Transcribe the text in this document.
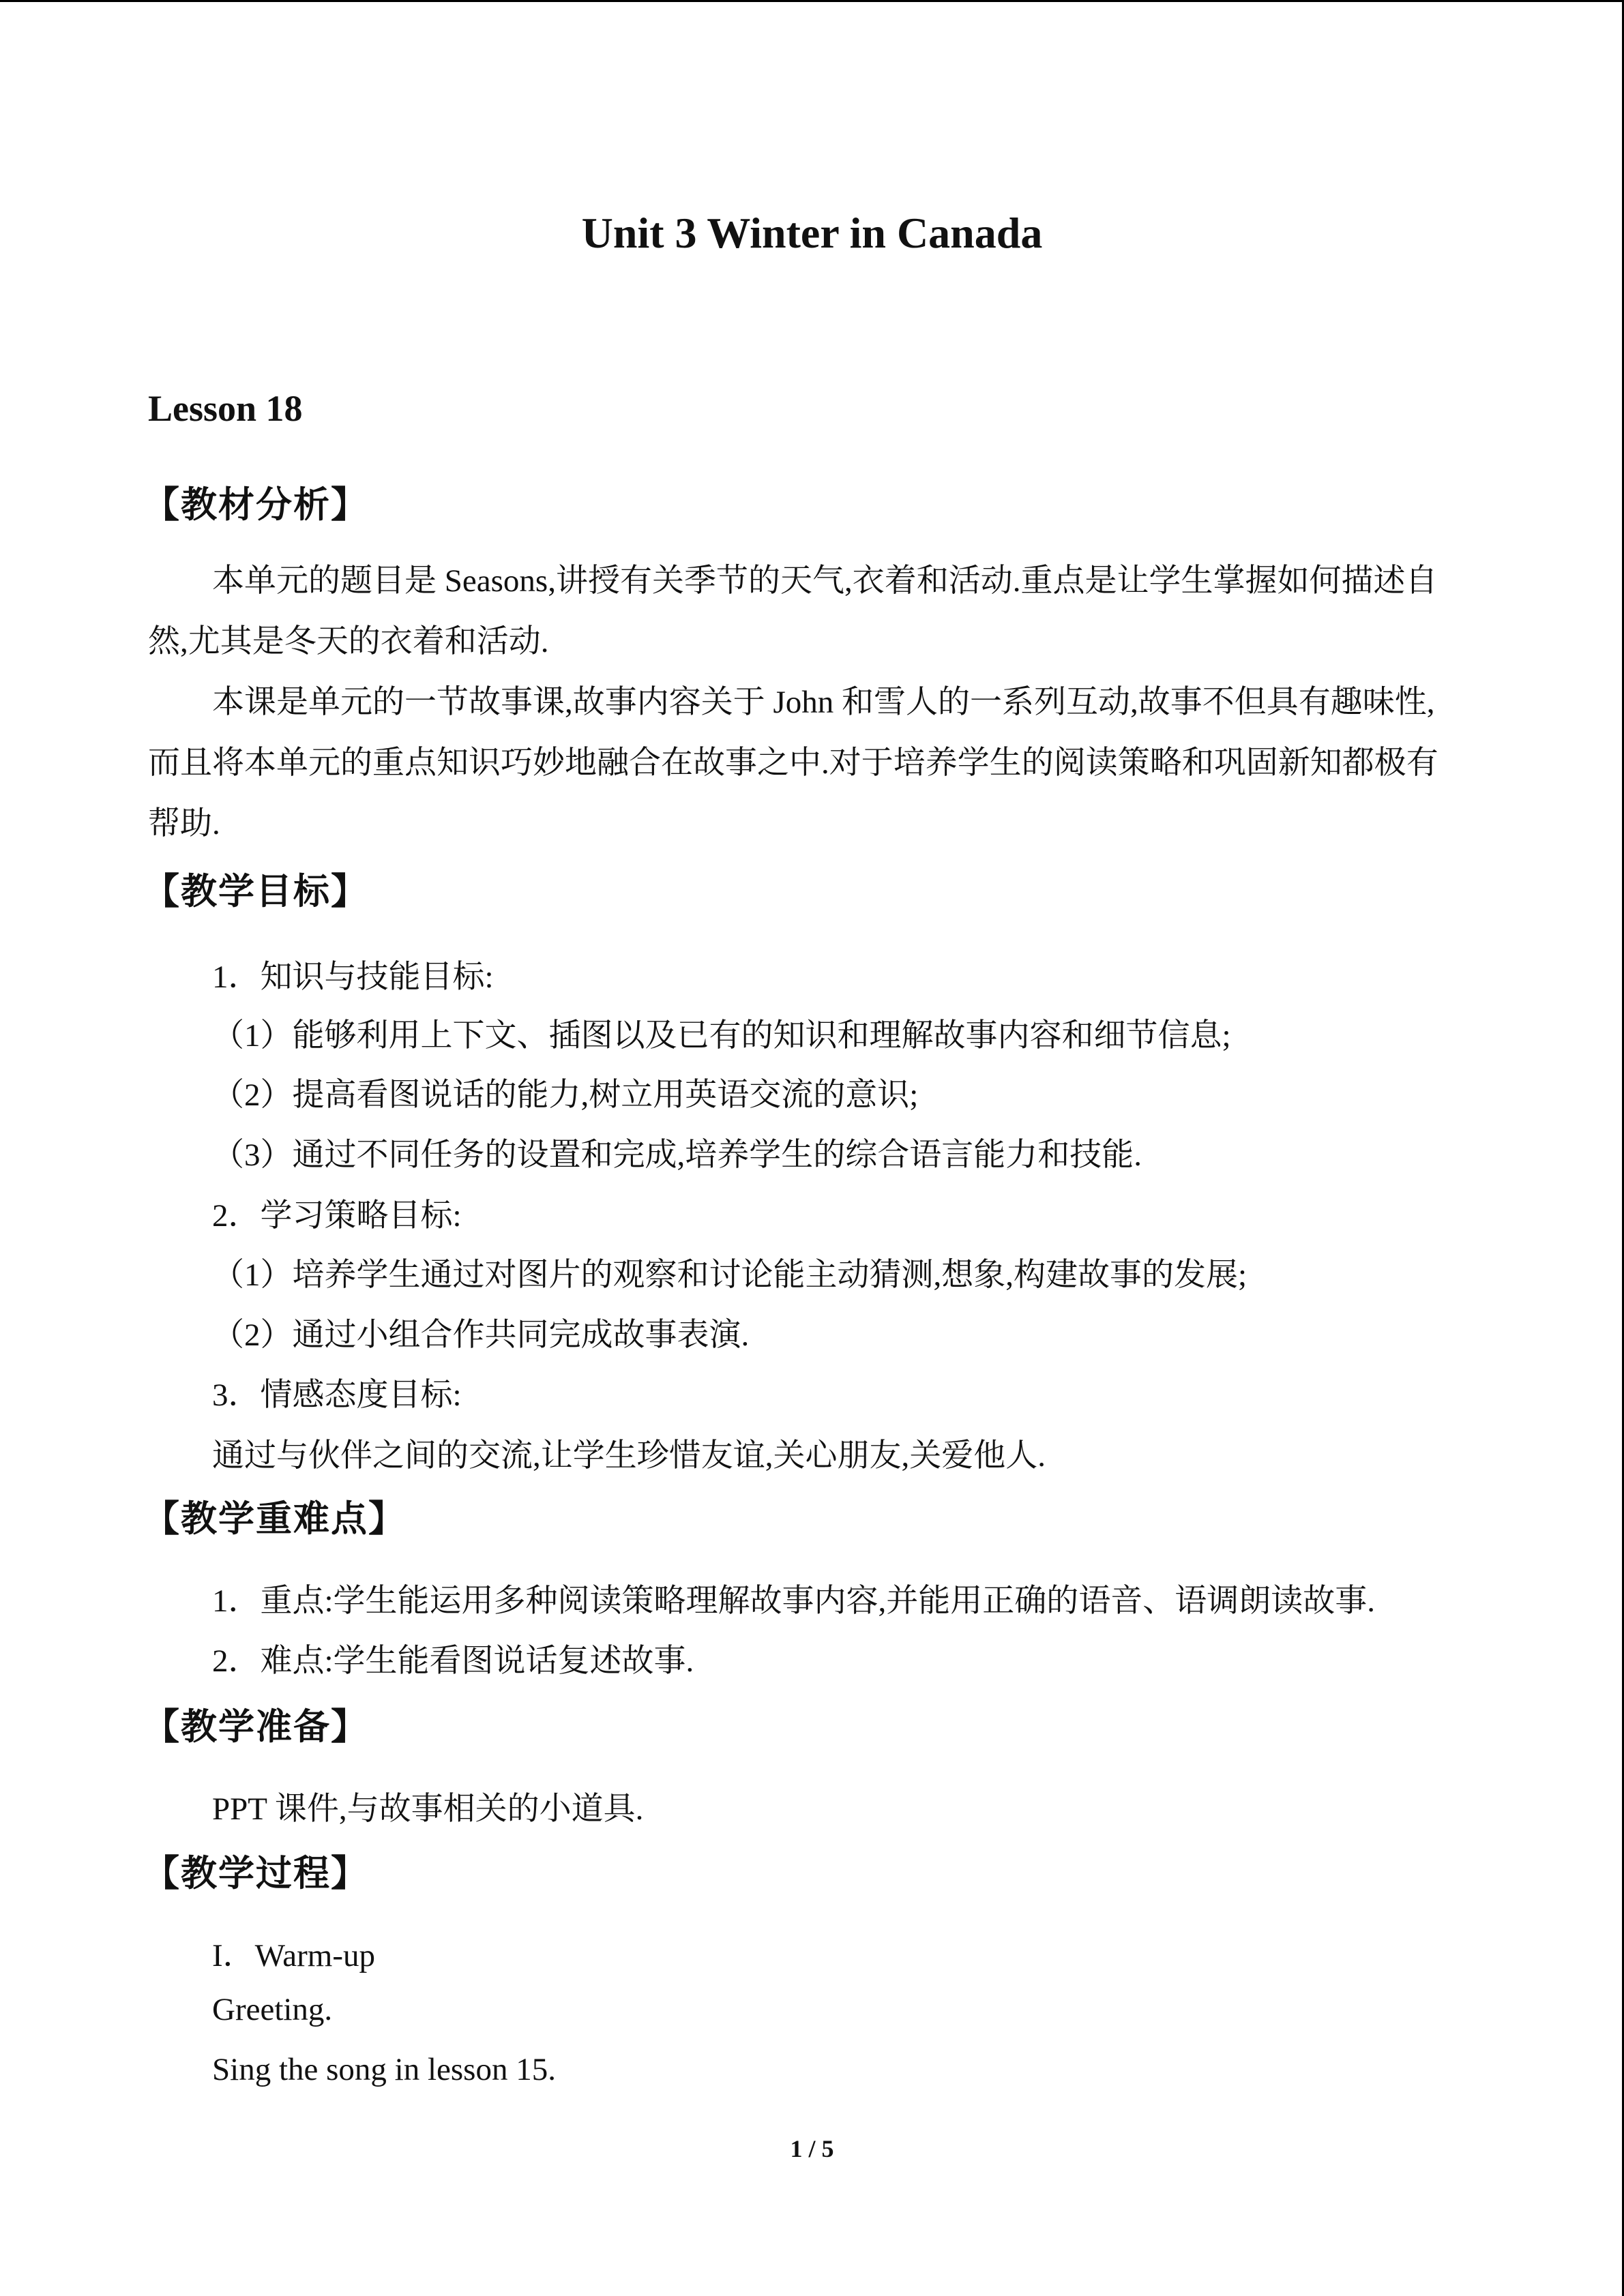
Unit 3 Winter in Canada
Lesson 18
【教材分析】
本单元的题目是 Seasons,讲授有关季节的天气,衣着和活动.重点是让学生掌握如何描述自
然,尤其是冬天的衣着和活动.
本课是单元的一节故事课,故事内容关于 John 和雪人的一系列互动,故事不但具有趣味性,
而且将本单元的重点知识巧妙地融合在故事之中.对于培养学生的阅读策略和巩固新知都极有
帮助.
【教学目标】
1．知识与技能目标:
（1）能够利用上下文、插图以及已有的知识和理解故事内容和细节信息;
（2）提高看图说话的能力,树立用英语交流的意识;
（3）通过不同任务的设置和完成,培养学生的综合语言能力和技能.
2．学习策略目标:
（1）培养学生通过对图片的观察和讨论能主动猜测,想象,构建故事的发展;
（2）通过小组合作共同完成故事表演.
3．情感态度目标:
通过与伙伴之间的交流,让学生珍惜友谊,关心朋友,关爱他人.
【教学重难点】
1．重点:学生能运用多种阅读策略理解故事内容,并能用正确的语音、语调朗读故事.
2．难点:学生能看图说话复述故事.
【教学准备】
PPT 课件,与故事相关的小道具.
【教学过程】
I．Warm-up
Greeting.
Sing the song in lesson 15.
1 / 5
